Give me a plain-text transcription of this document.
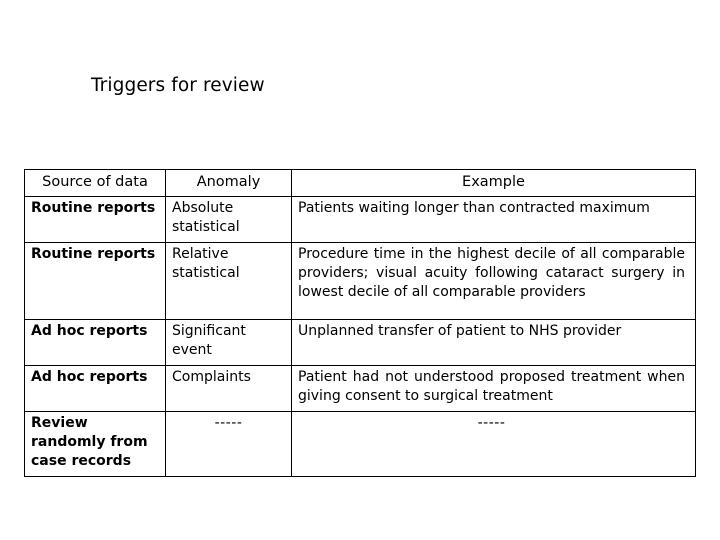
Triggers for review
Source of data	Anomaly	Example
Routine reports	Absolute statistical	Patients waiting longer than contracted maximum
Routine reports	Relative statistical	Procedure time in the highest decile of all comparable providers; visual acuity following cataract surgery in lowest decile of all comparable providers
Ad hoc reports	Significant event	Unplanned transfer of patient to NHS provider
Ad hoc reports	Complaints	Patient had not understood proposed treatment when giving consent to surgical treatment
Review randomly from case records	-----	-----
